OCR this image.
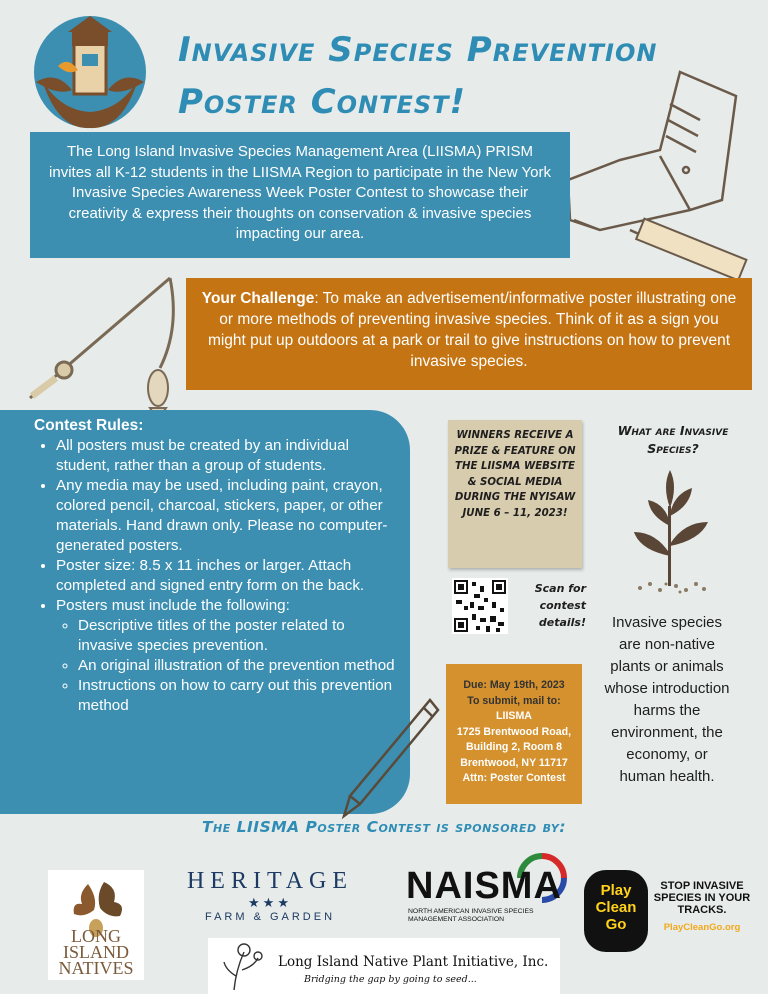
Invasive Species Prevention
Poster Contest!
The Long Island Invasive Species Management Area (LIISMA) PRISM invites all K-12 students in the LIISMA Region to participate in the New York Invasive Species Awareness Week Poster Contest to showcase their creativity & express their thoughts on conservation & invasive species impacting our area.
Your Challenge: To make an advertisement/informative poster illustrating one or more methods of preventing invasive species. Think of it as a sign you might put up outdoors at a park or trail to give instructions on how to prevent invasive species.
Contest Rules:
• All posters must be created by an individual student, rather than a group of students.
• Any media may be used, including paint, crayon, colored pencil, charcoal, stickers, paper, or other materials. Hand drawn only. Please no computer-generated posters.
• Poster size: 8.5 x 11 inches or larger. Attach completed and signed entry form on the back.
• Posters must include the following:
◦ Descriptive titles of the poster related to invasive species prevention.
◦ An original illustration of the prevention method
◦ Instructions on how to carry out this prevention method
WINNERS RECEIVE A PRIZE & FEATURE ON THE LIISMA WEBSITE & SOCIAL MEDIA DURING THE NYISAW JUNE 6 – 11, 2023!
What are Invasive Species?
Scan for contest details!
Due: May 19th, 2023
To submit, mail to:
LIISMA
1725 Brentwood Road,
Building 2, Room 8
Brentwood, NY 11717
Attn: Poster Contest
Invasive species are non-native plants or animals whose introduction harms the environment, the economy, or human health.
The LIISMA Poster Contest is sponsored by:
LONG ISLAND NATIVES
HERITAGE
★★★
FARM & GARDEN
NAISMA
NORTH AMERICAN INVASIVE SPECIES MANAGEMENT ASSOCIATION
Play Clean Go
STOP INVASIVE SPECIES IN YOUR TRACKS.
PlayCleanGo.org
Long Island Native Plant Initiative, Inc.
Bridging the gap by going to seed...
